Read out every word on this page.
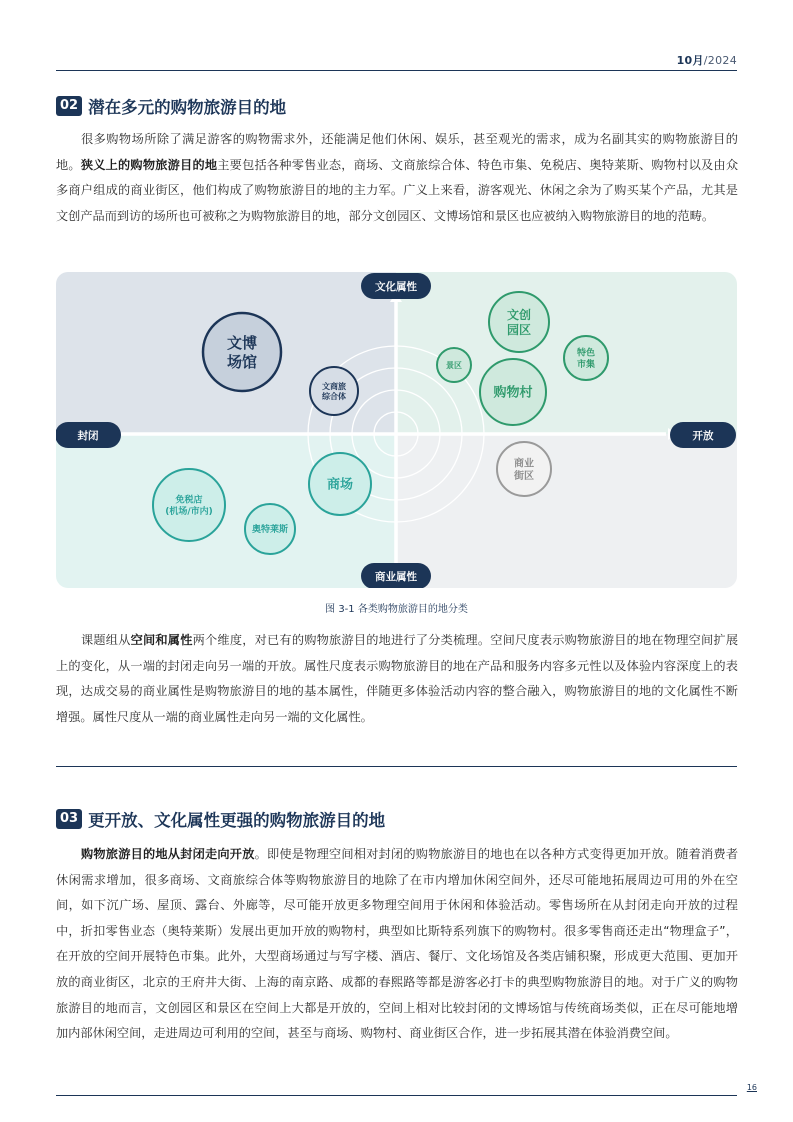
10月/2024
02 潜在多元的购物旅游目的地

很多购物场所除了满足游客的购物需求外，还能满足他们休闲、娱乐，甚至观光的需求，成为名副其实的购物旅游目的地。狭义上的购物旅游目的地主要包括各种零售业态，商场、文商旅综合体、特色市集、免税店、奥特莱斯、购物村以及由众多商户组成的商业街区，他们构成了购物旅游目的地的主力军。广义上来看，游客观光、休闲之余为了购买某个产品，尤其是文创产品而到访的场所也可被称之为购物旅游目的地，部分文创园区、文博场馆和景区也应被纳入购物旅游目的地的范畴。

文博
场馆
文商旅
综合体
文创
园区
景区
特色
市集
购物村
商业
街区
商场
免税店
(机场/市内)
奥特莱斯
文化属性
商业属性
封闭	开放
图 3-1 各类购物旅游目的地分类

课题组从空间和属性两个维度，对已有的购物旅游目的地进行了分类梳理。空间尺度表示购物旅游目的地在物理空间扩展上的变化，从一端的封闭走向另一端的开放。属性尺度表示购物旅游目的地在产品和服务内容多元性以及体验内容深度上的表现，达成交易的商业属性是购物旅游目的地的基本属性，伴随更多体验活动内容的整合融入，购物旅游目的地的文化属性不断增强。属性尺度从一端的商业属性走向另一端的文化属性。

03 更开放、文化属性更强的购物旅游目的地

购物旅游目的地从封闭走向开放。即使是物理空间相对封闭的购物旅游目的地也在以各种方式变得更加开放。随着消费者休闲需求增加，很多商场、文商旅综合体等购物旅游目的地除了在市内增加休闲空间外，还尽可能地拓展周边可用的外在空间，如下沉广场、屋顶、露台、外廊等，尽可能开放更多物理空间用于休闲和体验活动。零售场所在从封闭走向开放的过程中，折扣零售业态（奥特莱斯）发展出更加开放的购物村，典型如比斯特系列旗下的购物村。很多零售商还走出“物理盒子”，在开放的空间开展特色市集。此外，大型商场通过与写字楼、酒店、餐厅、文化场馆及各类店铺积聚，形成更大范围、更加开放的商业街区，北京的王府井大街、上海的南京路、成都的春熙路等都是游客必打卡的典型购物旅游目的地。对于广义的购物旅游目的地而言，文创园区和景区在空间上大都是开放的，空间上相对比较封闭的文博场馆与传统商场类似，正在尽可能地增加内部休闲空间，走进周边可利用的空间，甚至与商场、购物村、商业街区合作，进一步拓展其潜在体验消费空间。

16
